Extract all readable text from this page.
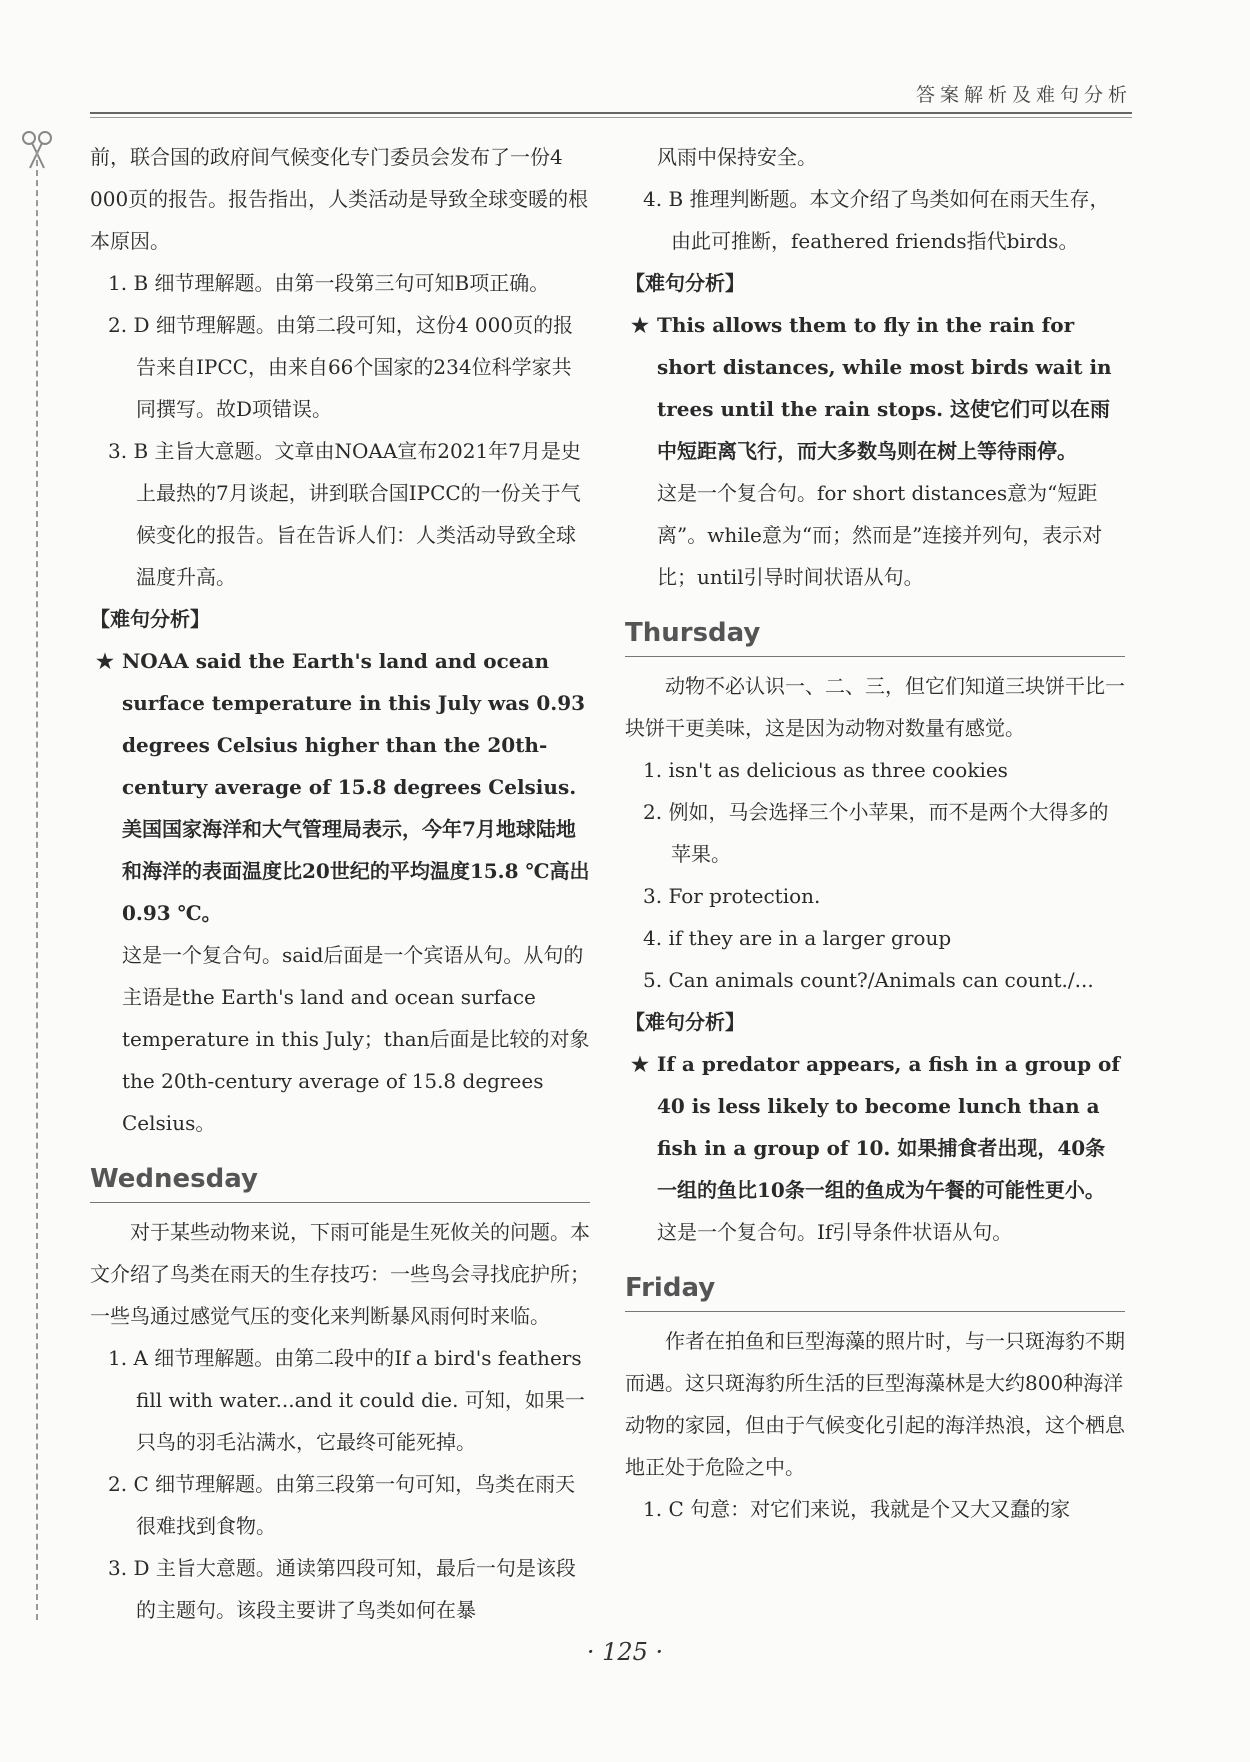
答案解析及难句分析

前，联合国的政府间气候变化专门委员会发布了一份4 000页的报告。报告指出，人类活动是导致全球变暖的根本原因。

1. B 细节理解题。由第一段第三句可知B项正确。

2. D 细节理解题。由第二段可知，这份4 000页的报告来自IPCC，由来自66个国家的234位科学家共同撰写。故D项错误。

3. B 主旨大意题。文章由NOAA宣布2021年7月是史上最热的7月谈起，讲到联合国IPCC的一份关于气候变化的报告。旨在告诉人们：人类活动导致全球温度升高。

【难句分析】

★ NOAA said the Earth's land and ocean surface temperature in this July was 0.93 degrees Celsius higher than the 20th-century average of 15.8 degrees Celsius. 美国国家海洋和大气管理局表示，今年7月地球陆地和海洋的表面温度比20世纪的平均温度15.8 ℃高出0.93 ℃。

这是一个复合句。said后面是一个宾语从句。从句的主语是the Earth's land and ocean surface temperature in this July；than后面是比较的对象the 20th-century average of 15.8 degrees Celsius。

Wednesday

对于某些动物来说，下雨可能是生死攸关的问题。本文介绍了鸟类在雨天的生存技巧：一些鸟会寻找庇护所；一些鸟通过感觉气压的变化来判断暴风雨何时来临。

1. A 细节理解题。由第二段中的If a bird's feathers fill with water...and it could die. 可知，如果一只鸟的羽毛沾满水，它最终可能死掉。

2. C 细节理解题。由第三段第一句可知，鸟类在雨天很难找到食物。

3. D 主旨大意题。通读第四段可知，最后一句是该段的主题句。该段主要讲了鸟类如何在暴

风雨中保持安全。

4. B 推理判断题。本文介绍了鸟类如何在雨天生存，由此可推断，feathered friends指代birds。

【难句分析】

★ This allows them to fly in the rain for short distances, while most birds wait in trees until the rain stops. 这使它们可以在雨中短距离飞行，而大多数鸟则在树上等待雨停。

这是一个复合句。for short distances意为“短距离”。while意为“而；然而是”连接并列句，表示对比；until引导时间状语从句。

Thursday

动物不必认识一、二、三，但它们知道三块饼干比一块饼干更美味，这是因为动物对数量有感觉。

1. isn't as delicious as three cookies

2. 例如，马会选择三个小苹果，而不是两个大得多的苹果。

3. For protection.

4. if they are in a larger group

5. Can animals count?/Animals can count./...

【难句分析】

★ If a predator appears, a fish in a group of 40 is less likely to become lunch than a fish in a group of 10. 如果捕食者出现，40条一组的鱼比10条一组的鱼成为午餐的可能性更小。

这是一个复合句。If引导条件状语从句。

Friday

作者在拍鱼和巨型海藻的照片时，与一只斑海豹不期而遇。这只斑海豹所生活的巨型海藻林是大约800种海洋动物的家园，但由于气候变化引起的海洋热浪，这个栖息地正处于危险之中。

1. C 句意：对它们来说，我就是个又大又蠢的家

· 125 ·
